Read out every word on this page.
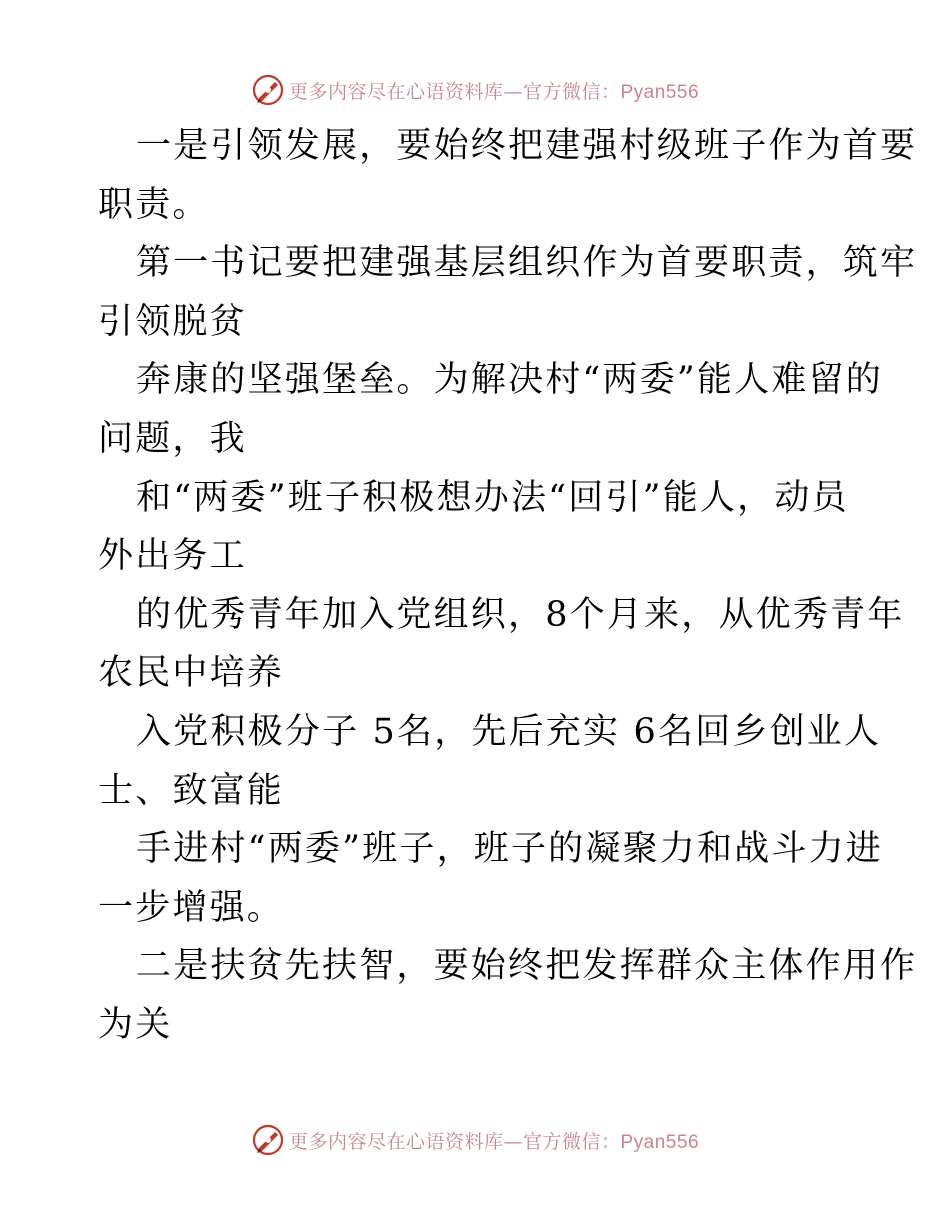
更多内容尽在心语资料库—官方微信：Pyan556
一是引领发展，要始终把建强村级班子作为首要
职责。
第一书记要把建强基层组织作为首要职责，筑牢
引领脱贫
奔康的坚强堡垒。为解决村“两委”能人难留的
问题，我
和“两委”班子积极想办法“回引”能人，动员
外出务工
的优秀青年加入党组织，8个月来，从优秀青年
农民中培养
入党积极分子 5名，先后充实 6名回乡创业人
士、致富能
手进村“两委”班子，班子的凝聚力和战斗力进
一步增强。
二是扶贫先扶智，要始终把发挥群众主体作用作
为关
更多内容尽在心语资料库—官方微信：Pyan556
